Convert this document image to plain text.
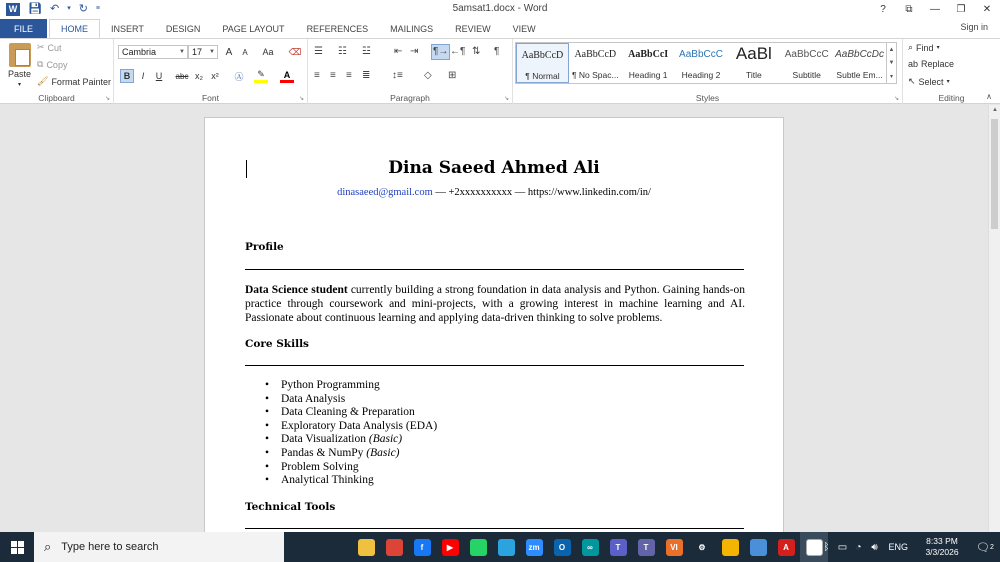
W 💾︎ ↶ ▾ ↻ ≡	5amsat1.docx - Word	?	⧉	—	❐	✕
FILE	HOME	INSERT	DESIGN	PAGE LAYOUT	REFERENCES	MAILINGS	REVIEW	VIEW	Sign in
Paste
▾
✂ Cut
⧉ Copy
🖌︎ Format Painter
Clipboard	↘
Cambria	▼ 17 ▼ A A Aa ⌫
B I U abc x₂ x² Ⓐ	✎	A
Font	↘
☰ ☷ ☳ ⇤ ⇥ ¶→ ←¶ ⇅ ¶
≡ ≡ ≡ ≣ ↕≡ ◇ ⊞
Paragraph	↘	Styles	↘
AaBbCcD
¶ Normal
AaBbCcD
¶ No Spac...
AaBbCcI
Heading 1
AaBbCcC
Heading 2
AaBl
Title
AaBbCcC
Subtitle
AaBbCcDc
Subtle Em...
▲
▼
▾
⌕ Find ▾
ab Replace
↖ Select ▾
Editing	∧
Dina Saeed Ahmed Ali
dinasaeed@gmail.com — +2xxxxxxxxxx — https://www.linkedin.com/in/
Profile
Data Science student currently building a strong foundation in data analysis and Python. Gaining hands-on practice through coursework and mini-projects, with a growing interest in machine learning and AI. Passionate about continuous learning and applying data-driven thinking to solve problems.
Core Skills
• Python Programming
• Data Analysis
• Data Cleaning & Preparation
• Exploratory Data Analysis (EDA)
• Data Visualization (Basic)
• Pandas & NumPy (Basic)
• Problem Solving
• Analytical Thinking
Technical Tools
▲
⌕ Type here to search	f	▶	zm	O	∞	T	T	VI	⚙	A	∧ ᛒ ▭ ◔ 🔊︎	ENG
8:33 PM
3/3/2026	🗨︎ 2
